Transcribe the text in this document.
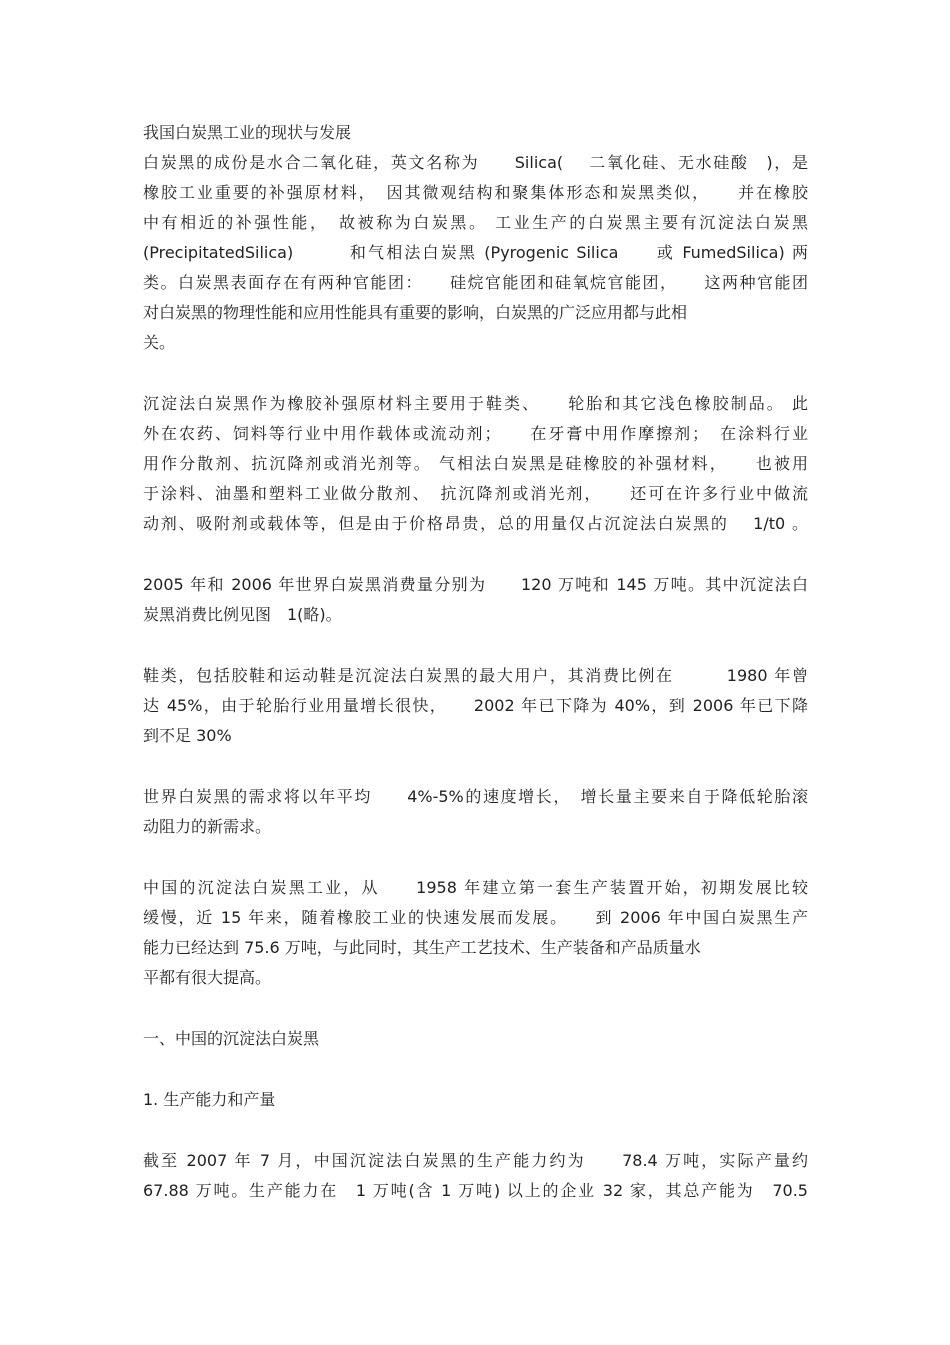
我国白炭黑工业的现状与发展
白炭黑的成份是水合二氧化硅，英文名称为　　Silica(　 二氧化硅、无水硅酸　)，是
橡胶工业重要的补强原材料，　因其微观结构和聚集体形态和炭黑类似，　　并在橡胶
中有相近的补强性能，　故被称为白炭黑。 工业生产的白炭黑主要有沉淀法白炭黑
(PrecipitatedSilica)　　　和气相法白炭黑 (Pyrogenic Silica　　或 FumedSilica) 两
类。白炭黑表面存在有两种官能团：　　硅烷官能团和硅氧烷官能团，　　这两种官能团
对白炭黑的物理性能和应用性能具有重要的影响，白炭黑的广泛应用都与此相
关。
沉淀法白炭黑作为橡胶补强原材料主要用于鞋类、　　轮胎和其它浅色橡胶制品。 此
外在农药、饲料等行业中用作载体或流动剂；　　在牙膏中用作摩擦剂；　在涂料行业
用作分散剂、抗沉降剂或消光剂等。 气相法白炭黑是硅橡胶的补强材料，　　也被用
于涂料、油墨和塑料工业做分散剂、　抗沉降剂或消光剂，　　还可在许多行业中做流
动剂、吸附剂或载体等，但是由于价格昂贵，总的用量仅占沉淀法白炭黑的　 1/t0 。
2005 年和 2006 年世界白炭黑消费量分别为　　120 万吨和 145 万吨。其中沉淀法白
炭黑消费比例见图　1(略)。
鞋类，包括胶鞋和运动鞋是沉淀法白炭黑的最大用户，其消费比例在　　　1980 年曾
达 45%，由于轮胎行业用量增长很快，　　2002 年已下降为 40%，到 2006 年已下降
到不足 30%
世界白炭黑的需求将以年平均　　4%-5%的速度增长，　增长量主要来自于降低轮胎滚
动阻力的新需求。
中国的沉淀法白炭黑工业，从　　1958 年建立第一套生产装置开始，初期发展比较
缓慢，近 15 年来，随着橡胶工业的快速发展而发展。　　到 2006 年中国白炭黑生产
能力已经达到 75.6 万吨，与此同时，其生产工艺技术、生产装备和产品质量水
平都有很大提高。
一、中国的沉淀法白炭黑
1. 生产能力和产量
截至 2007 年 7 月，中国沉淀法白炭黑的生产能力约为　　78.4 万吨，实际产量约
67.88 万吨。生产能力在　1 万吨(含 1 万吨) 以上的企业 32 家，其总产能为　70.5
